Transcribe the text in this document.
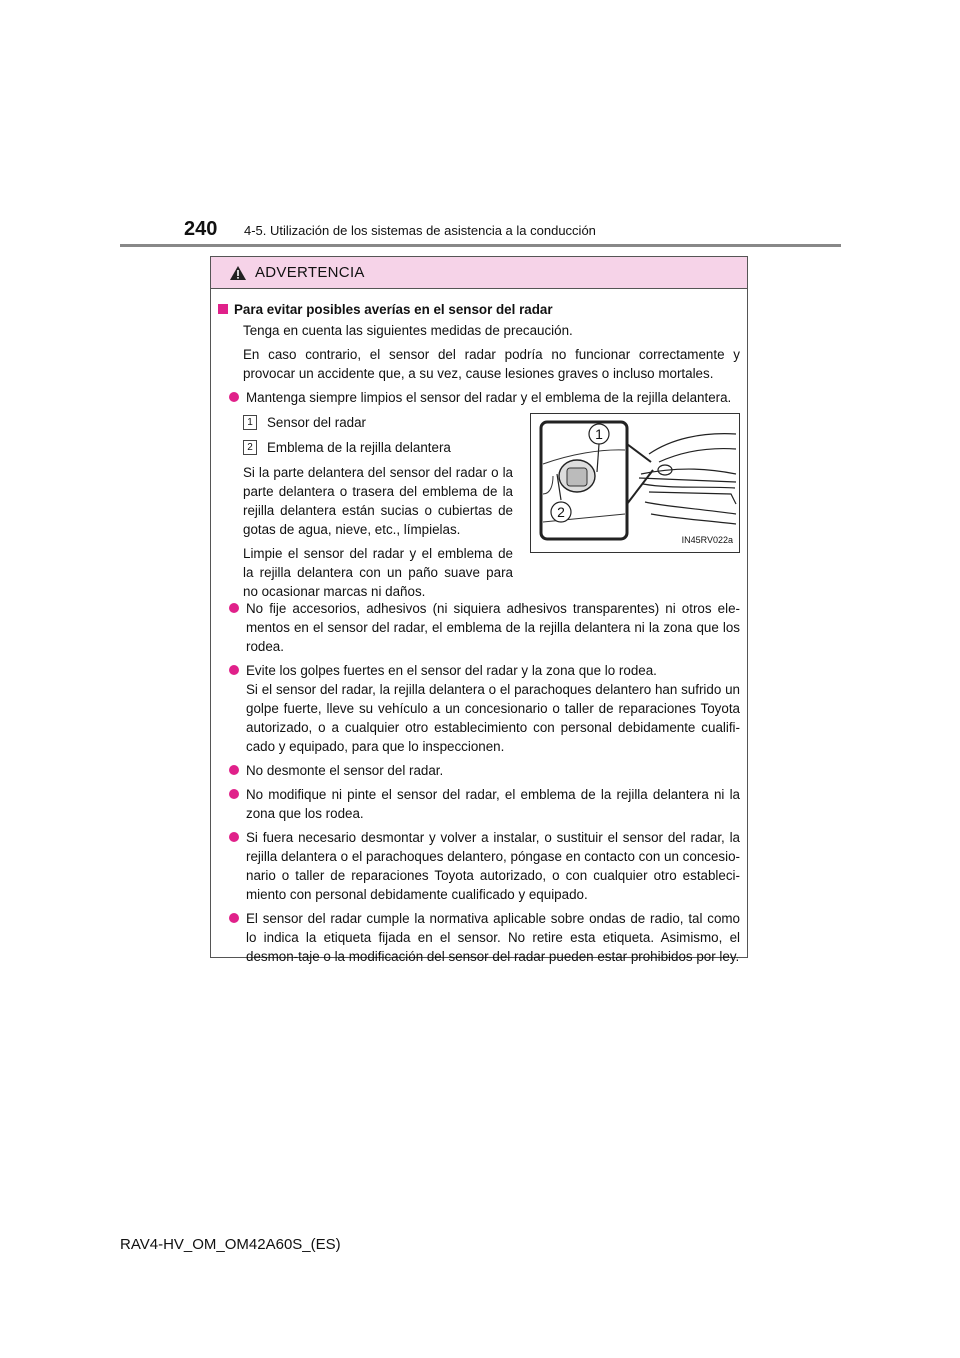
240 4-5. Utilización de los sistemas de asistencia a la conducción
ADVERTENCIA
Para evitar posibles averías en el sensor del radar

Tenga en cuenta las siguientes medidas de precaución.

En caso contrario, el sensor del radar podría no funcionar correctamente y provocar un accidente que, a su vez, cause lesiones graves o incluso mortales.

Mantenga siempre limpios el sensor del radar y el emblema de la rejilla delantera.
1	Sensor del radar
2	Emblema de la rejilla delantera

Si la parte delantera del sensor del radar o la parte delantera o trasera del emblema de la rejilla delantera están sucias o cubiertas de gotas de agua, nieve, etc., límpielas.

Limpie el sensor del radar y el emblema de la rejilla delantera con un paño suave para no ocasionar marcas ni daños.

1
2
IN45RV022a
No fije accesorios, adhesivos (ni siquiera adhesivos transparentes) ni otros ele-mentos en el sensor del radar, el emblema de la rejilla delantera ni la zona que los rodea.
Evite los golpes fuertes en el sensor del radar y la zona que lo rodea.
Si el sensor del radar, la rejilla delantera o el parachoques delantero han sufrido un golpe fuerte, lleve su vehículo a un concesionario o taller de reparaciones Toyota autorizado, o a cualquier otro establecimiento con personal debidamente cualifi-cado y equipado, para que lo inspeccionen.
No desmonte el sensor del radar.
No modifique ni pinte el sensor del radar, el emblema de la rejilla delantera ni la zona que los rodea.
Si fuera necesario desmontar y volver a instalar, o sustituir el sensor del radar, la rejilla delantera o el parachoques delantero, póngase en contacto con un concesio-nario o taller de reparaciones Toyota autorizado, o con cualquier otro estableci-miento con personal debidamente cualificado y equipado.
El sensor del radar cumple la normativa aplicable sobre ondas de radio, tal como lo indica la etiqueta fijada en el sensor. No retire esta etiqueta. Asimismo, el desmon-taje o la modificación del sensor del radar pueden estar prohibidos por ley.
RAV4-HV_OM_OM42A60S_(ES)
